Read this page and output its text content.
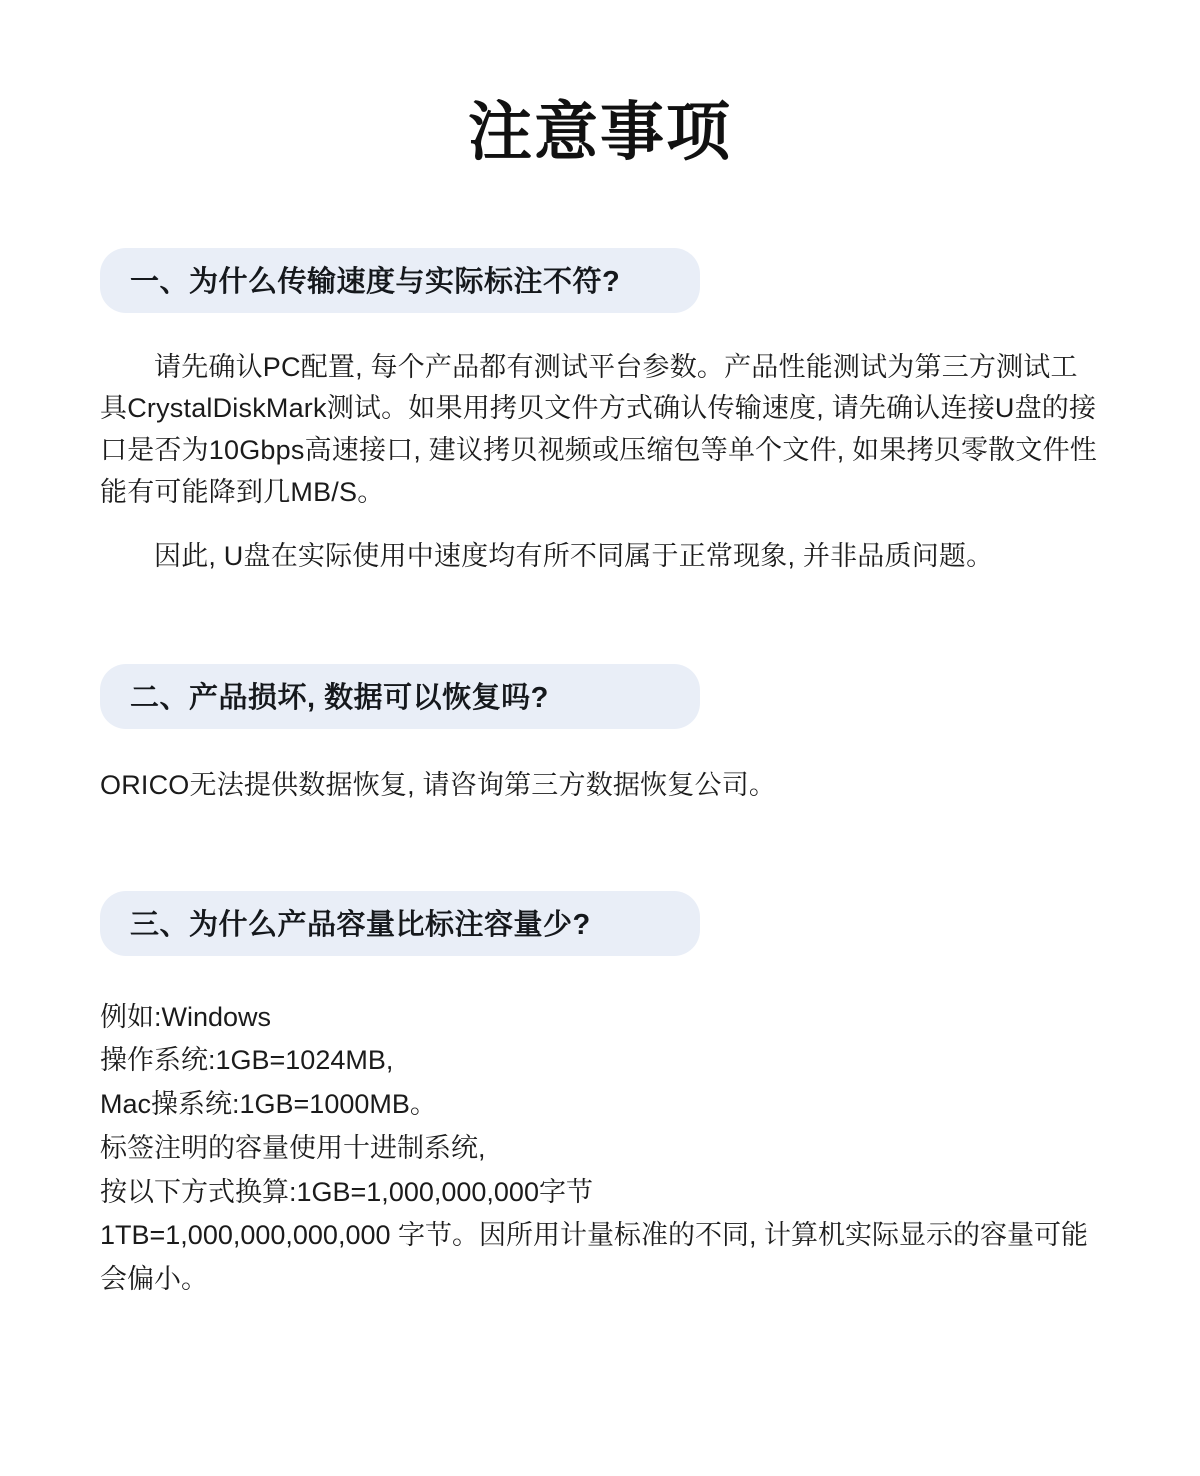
注意事项
一、为什么传输速度与实际标注不符?

请先确认PC配置, 每个产品都有测试平台参数。产品性能测试为第三方测试工具CrystalDiskMark测试。如果用拷贝文件方式确认传输速度, 请先确认连接U盘的接口是否为10Gbps高速接口, 建议拷贝视频或压缩包等单个文件, 如果拷贝零散文件性能有可能降到几MB/S。

因此, U盘在实际使用中速度均有所不同属于正常现象, 并非品质问题。

二、产品损坏, 数据可以恢复吗?

ORICO无法提供数据恢复, 请咨询第三方数据恢复公司。

三、为什么产品容量比标注容量少?
例如:Windows
操作系统:1GB=1024MB,
Mac操系统:1GB=1000MB。
标签注明的容量使用十进制系统,
按以下方式换算:1GB=1,000,000,000字节
1TB=1,000,000,000,000 字节。因所用计量标准的不同, 计算机实际显示的容量可能会偏小。
